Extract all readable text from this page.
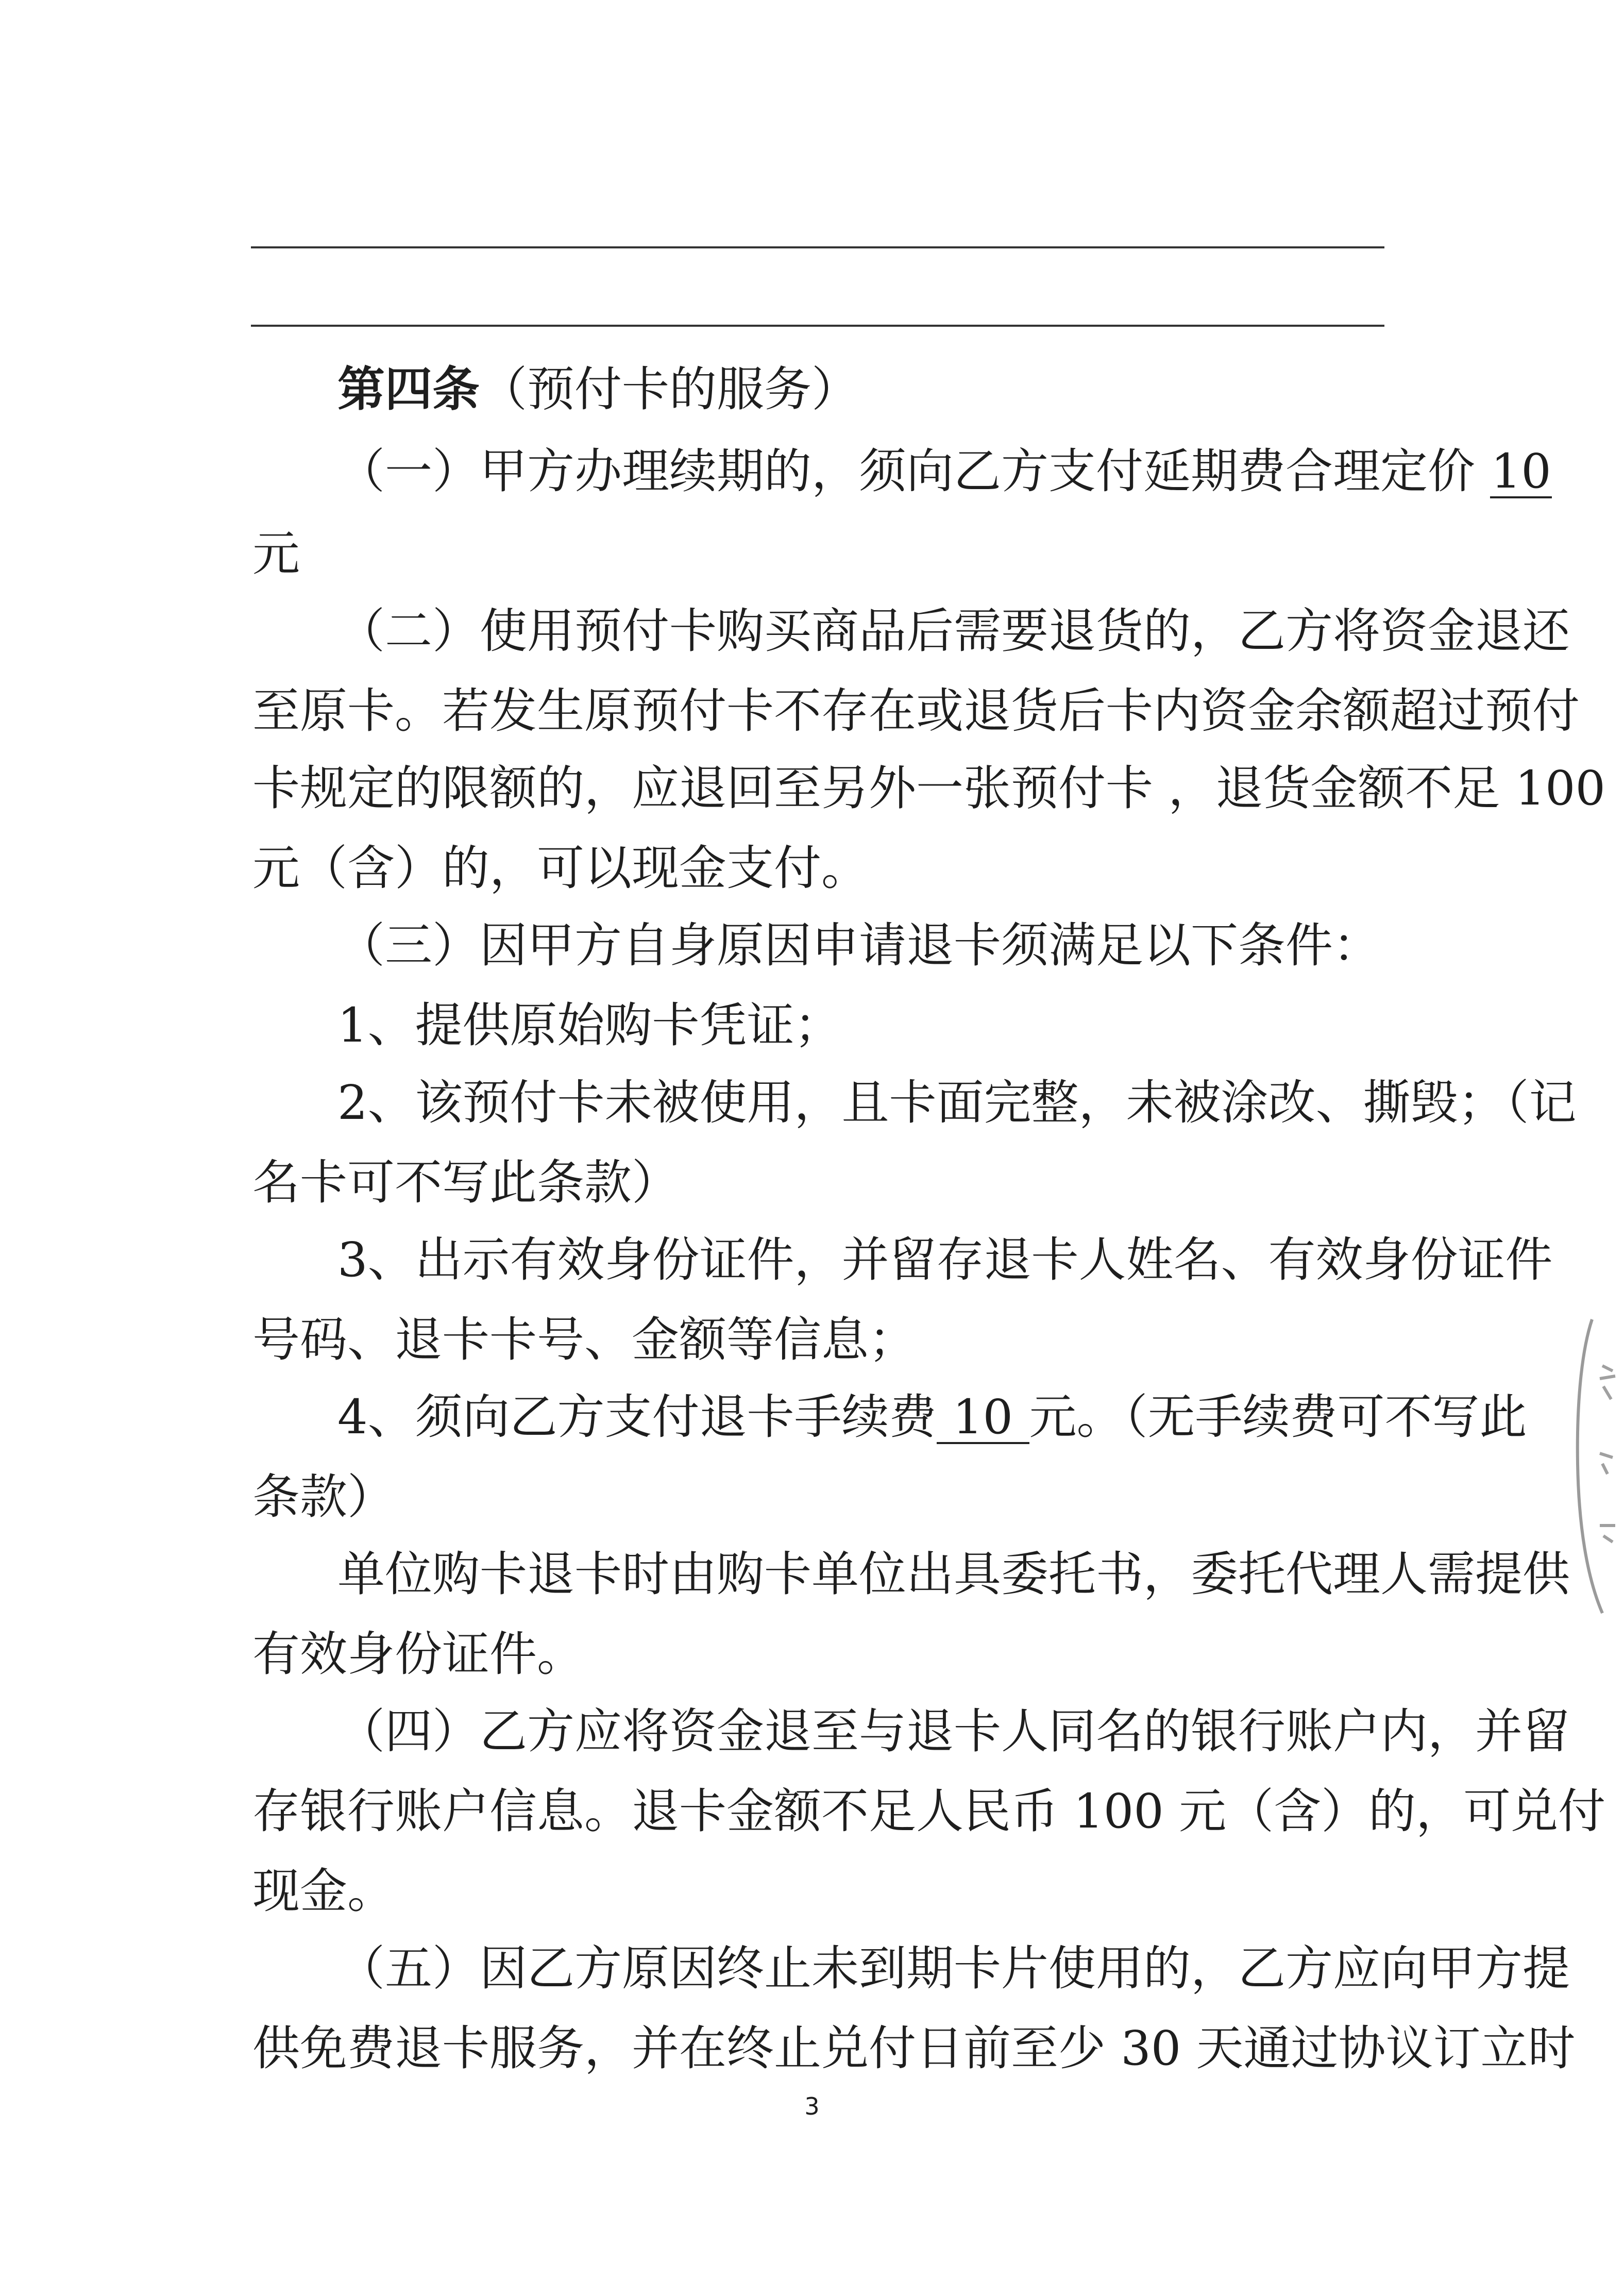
第四条（预付卡的服务）
（一）甲方办理续期的，须向乙方支付延期费合理定价 10
元
（二）使用预付卡购买商品后需要退货的，乙方将资金退还
至原卡。若发生原预付卡不存在或退货后卡内资金余额超过预付
卡规定的限额的，应退回至另外一张预付卡 ，退货金额不足 100
元（含）的，可以现金支付。
（三）因甲方自身原因申请退卡须满足以下条件：
1、提供原始购卡凭证；
2、该预付卡未被使用，且卡面完整，未被涂改、撕毁；（记
名卡可不写此条款）
3、出示有效身份证件，并留存退卡人姓名、有效身份证件
号码、退卡卡号、金额等信息；
4、须向乙方支付退卡手续费 10 元。（无手续费可不写此
条款）
单位购卡退卡时由购卡单位出具委托书，委托代理人需提供
有效身份证件。
（四）乙方应将资金退至与退卡人同名的银行账户内，并留
存银行账户信息。退卡金额不足人民币 100 元（含）的，可兑付
现金。
（五）因乙方原因终止未到期卡片使用的，乙方应向甲方提
供免费退卡服务，并在终止兑付日前至少 30 天通过协议订立时
3
